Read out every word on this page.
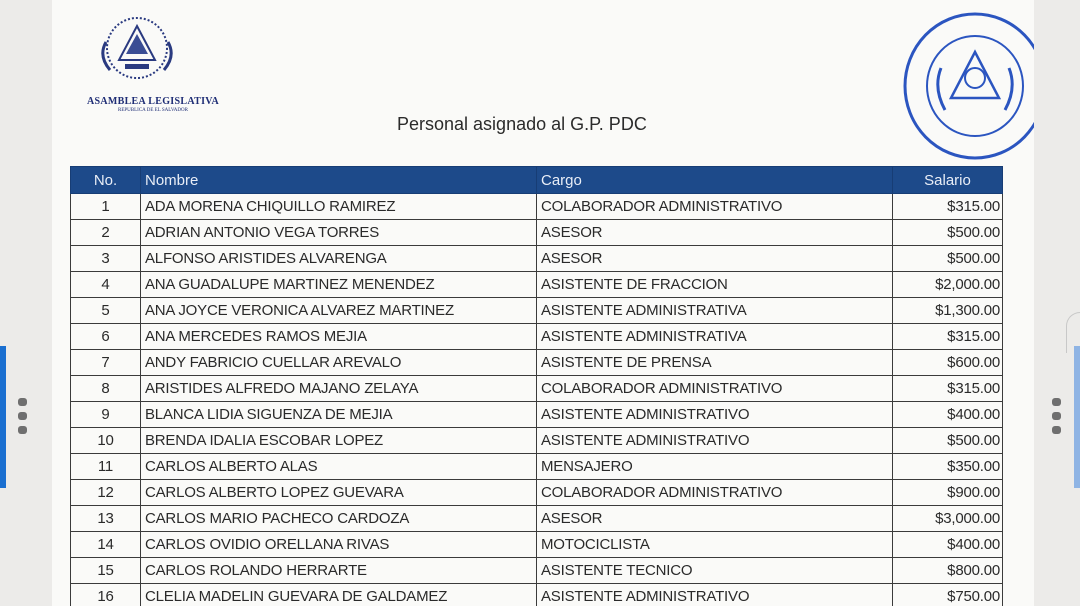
ASAMBLEA LEGISLATIVA
REPUBLICA DE EL SALVADOR
Personal asignado al G.P. PDC
No.	Nombre	Cargo	Salario
1	ADA MORENA CHIQUILLO RAMIREZ	COLABORADOR ADMINISTRATIVO	$315.00
2	ADRIAN ANTONIO VEGA TORRES	ASESOR	$500.00
3	ALFONSO ARISTIDES ALVARENGA	ASESOR	$500.00
4	ANA GUADALUPE MARTINEZ MENENDEZ	ASISTENTE DE FRACCION	$2,000.00
5	ANA JOYCE VERONICA ALVAREZ MARTINEZ	ASISTENTE ADMINISTRATIVA	$1,300.00
6	ANA MERCEDES RAMOS MEJIA	ASISTENTE ADMINISTRATIVA	$315.00
7	ANDY FABRICIO CUELLAR AREVALO	ASISTENTE DE PRENSA	$600.00
8	ARISTIDES ALFREDO MAJANO ZELAYA	COLABORADOR ADMINISTRATIVO	$315.00
9	BLANCA LIDIA SIGUENZA DE MEJIA	ASISTENTE ADMINISTRATIVO	$400.00
10	BRENDA IDALIA ESCOBAR LOPEZ	ASISTENTE ADMINISTRATIVO	$500.00
11	CARLOS ALBERTO ALAS	MENSAJERO	$350.00
12	CARLOS ALBERTO LOPEZ GUEVARA	COLABORADOR ADMINISTRATIVO	$900.00
13	CARLOS MARIO PACHECO CARDOZA	ASESOR	$3,000.00
14	CARLOS OVIDIO ORELLANA RIVAS	MOTOCICLISTA	$400.00
15	CARLOS ROLANDO HERRARTE	ASISTENTE TECNICO	$800.00
16	CLELIA MADELIN GUEVARA DE GALDAMEZ	ASISTENTE ADMINISTRATIVO	$750.00
